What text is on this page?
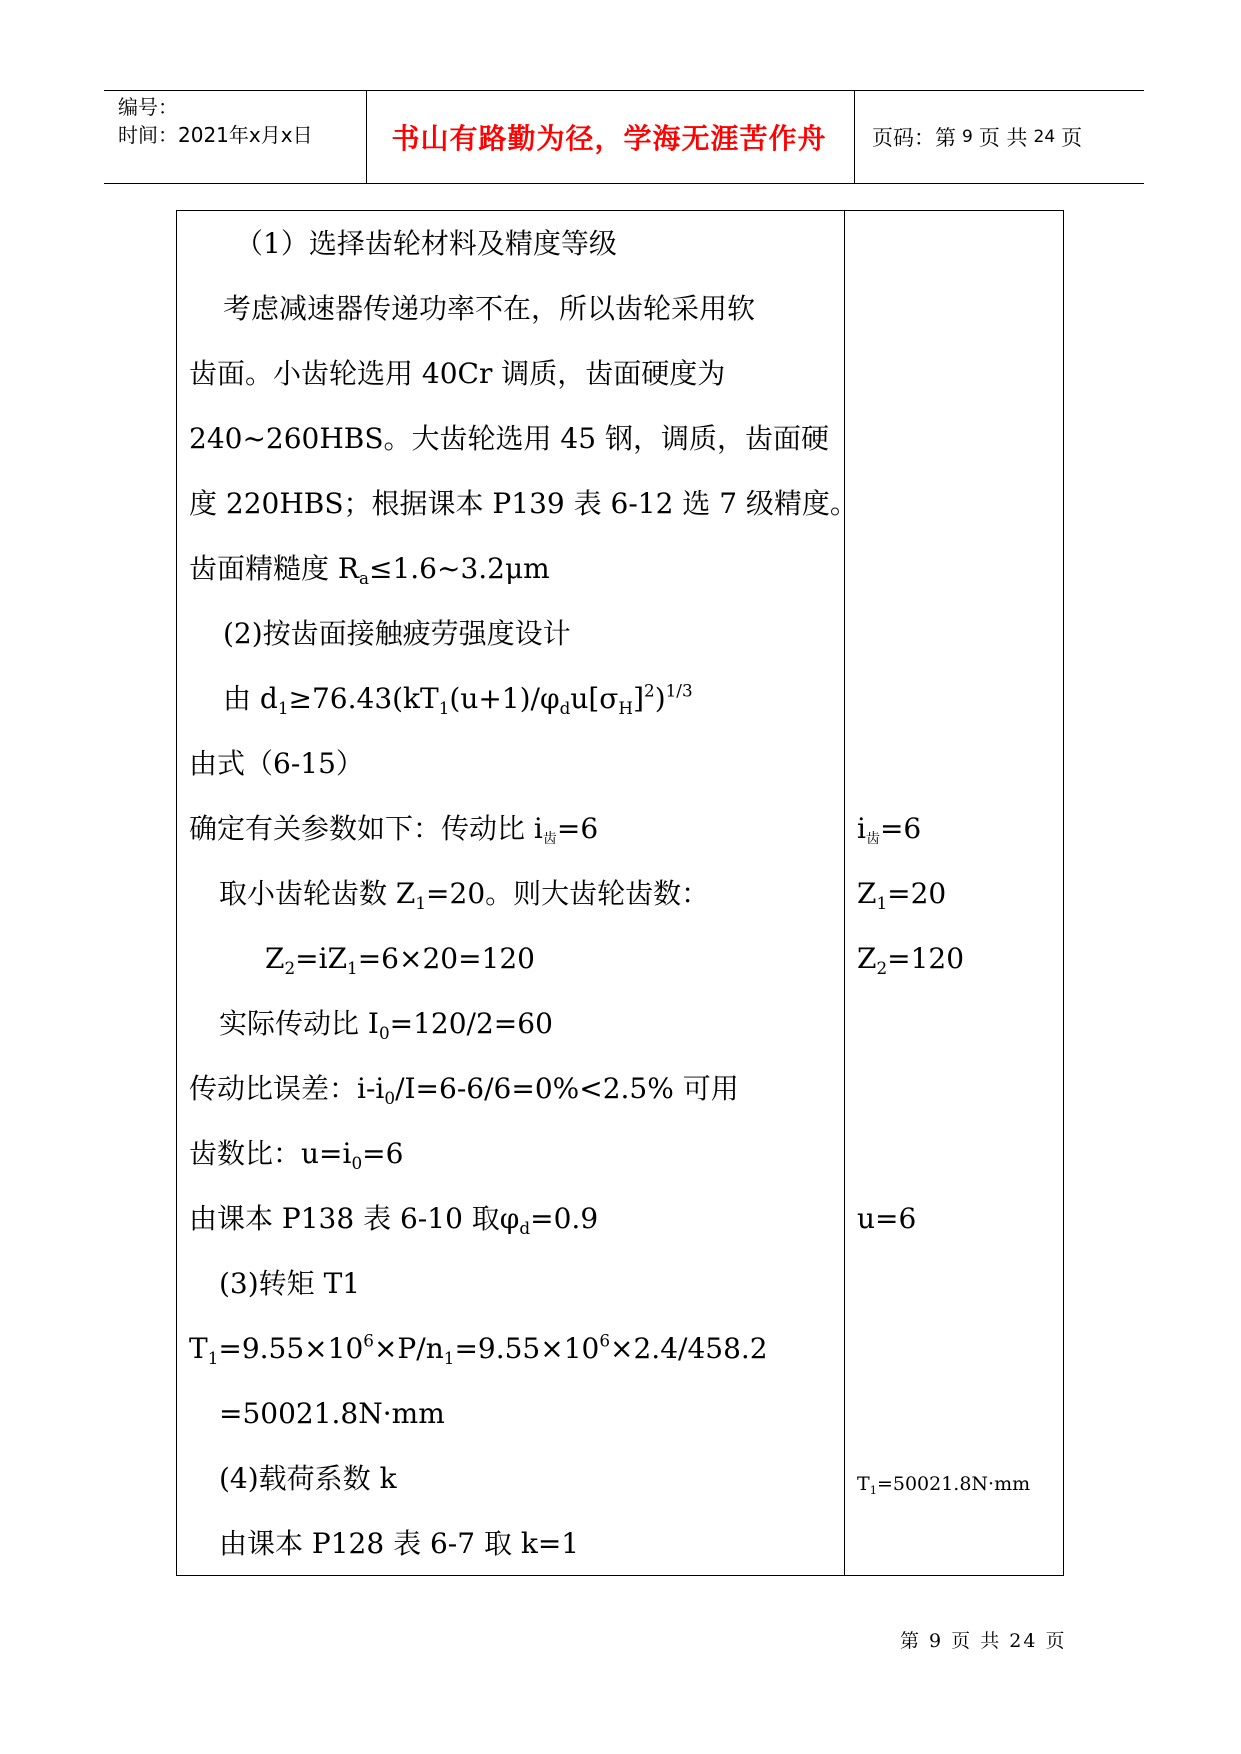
编号：
时间：2021年x月x日	书山有路勤为径，学海无涯苦作舟	页码：第 9 页 共 24 页
（1）选择齿轮材料及精度等级
考虑减速器传递功率不在，所以齿轮采用软
齿面。小齿轮选用 40Cr 调质，齿面硬度为
240~260HBS。大齿轮选用 45 钢，调质，齿面硬
度 220HBS；根据课本 P139 表 6-12 选 7 级精度。
齿面精糙度 $R_a\le 1.6\sim 3.2\mu m$
(2)按齿面接触疲劳强度设计
由 $d_1\ge 76.43(kT_1(u+1)/\varphi_du[\sigma_H]^2)^{1/3}$
由式（6-15）
确定有关参数如下：传动比 $i_齿=6$
取小齿轮齿数 $Z_1=20$。则大齿轮齿数：
$Z_2=iZ_1=6\times 20=120$
实际传动比 $I_0=120/2=60$
传动比误差：$i-i_0/I=6-6/6=0\%<2.5\%$ 可用
齿数比：$u=i_0=6$
由课本 P138 表 6-10 取$\varphi_d=0.9$
(3)转矩 T1
$T_1=9.55\times 10^6\times P/n_1=9.55\times 10^6\times 2.4/458.2$
=50021.8N·mm
(4)载荷系数 k
由课本 P128 表 6-7 取 k=1
$i_齿=6$
$Z_1=20$
$Z_2=120$
u=6
$T_1=50021.8N\cdot mm$
第 9 页 共 24 页
